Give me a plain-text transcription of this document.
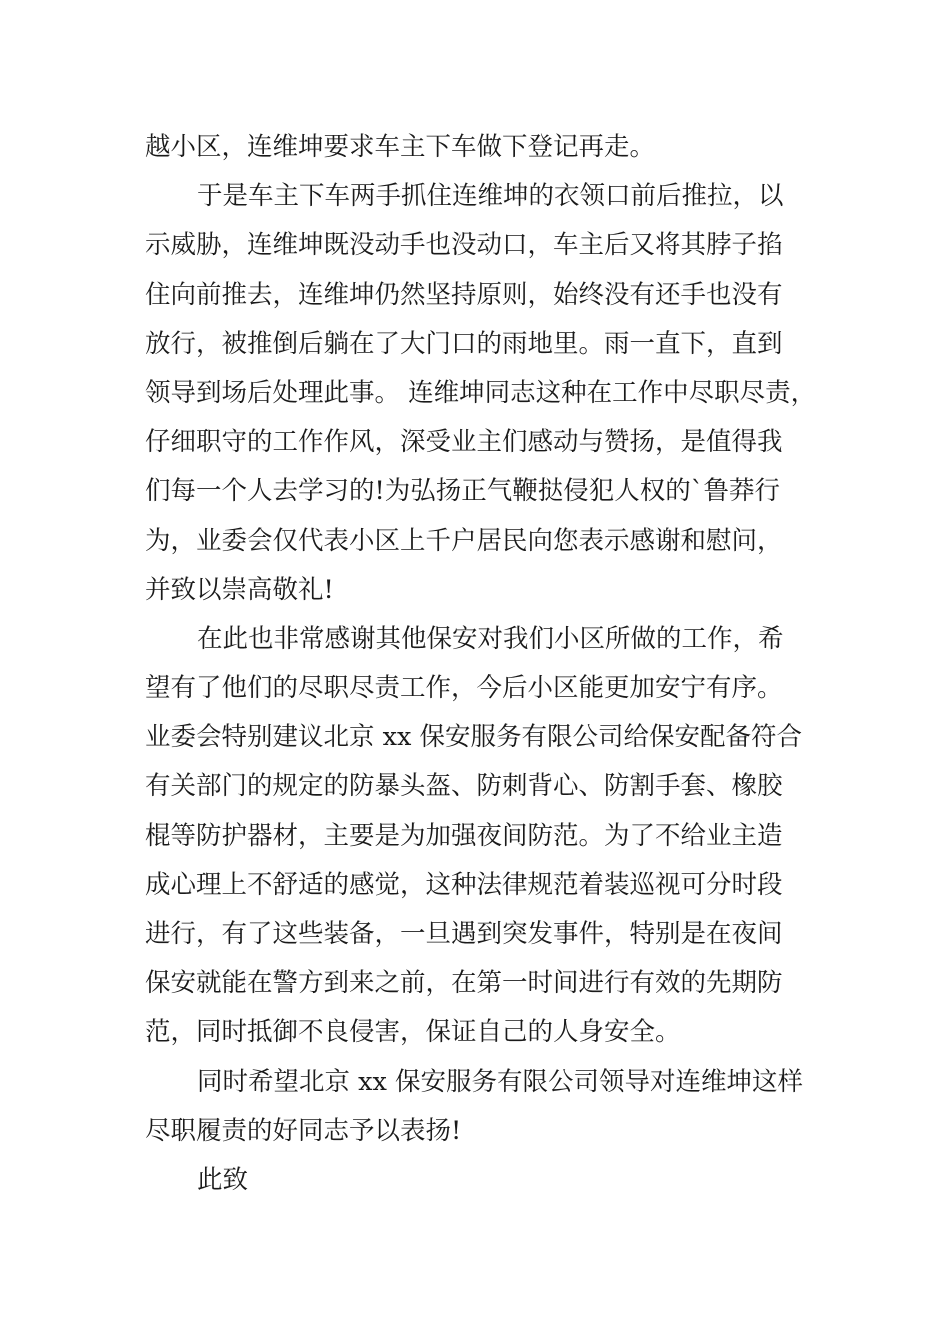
越小区，连维坤要求车主下车做下登记再走。
于是车主下车两手抓住连维坤的衣领口前后推拉，以
示威胁，连维坤既没动手也没动口，车主后又将其脖子掐
住向前推去，连维坤仍然坚持原则，始终没有还手也没有
放行，被推倒后躺在了大门口的雨地里。雨一直下，直到
领导到场后处理此事。 连维坤同志这种在工作中尽职尽责，
仔细职守的工作作风，深受业主们感动与赞扬，是值得我
们每一个人去学习的!为弘扬正气鞭挞侵犯人权的`鲁莽行
为，业委会仅代表小区上千户居民向您表示感谢和慰问，
并致以崇高敬礼!
在此也非常感谢其他保安对我们小区所做的工作，希
望有了他们的尽职尽责工作，今后小区能更加安宁有序。
业委会特别建议北京 xx 保安服务有限公司给保安配备符合
有关部门的规定的防暴头盔、防刺背心、防割手套、橡胶
棍等防护器材，主要是为加强夜间防范。为了不给业主造
成心理上不舒适的感觉，这种法律规范着装巡视可分时段
进行，有了这些装备，一旦遇到突发事件，特别是在夜间
保安就能在警方到来之前，在第一时间进行有效的先期防
范，同时抵御不良侵害，保证自己的人身安全。
同时希望北京 xx 保安服务有限公司领导对连维坤这样
尽职履责的好同志予以表扬!
此致
